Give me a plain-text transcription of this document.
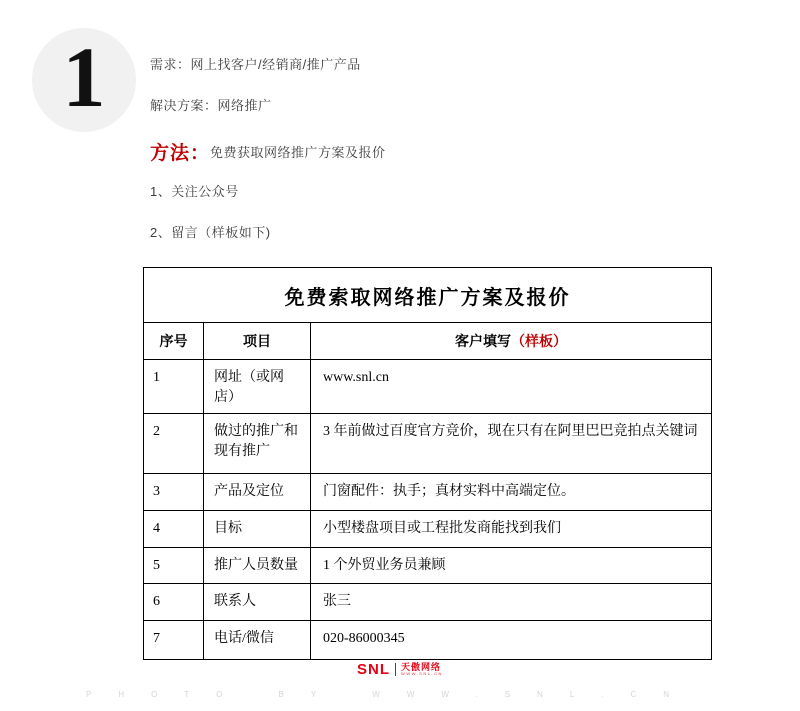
1	需求：网上找客户/经销商/推广产品

解决方案：网络推广

方法：免费获取网络推广方案及报价

1、关注公众号

2、留言（样板如下)

免费索取网络推广方案及报价		
序号	项目	客户填写（样板）
1	网址（或网店）	www.snl.cn
2	做过的推广和现有推广	3 年前做过百度官方竞价，现在只有在阿里巴巴竞拍点关键词
3	产品及定位	门窗配件：执手；真材实料中高端定位。
4	目标	小型楼盘项目或工程批发商能找到我们
5	推广人员数量	1 个外贸业务员兼顾
6	联系人	张三
7	电话/微信	020-86000345
SNL 天傲网络
WWW.SNL.CN
PHOTO BY WWW.SNL.CN
